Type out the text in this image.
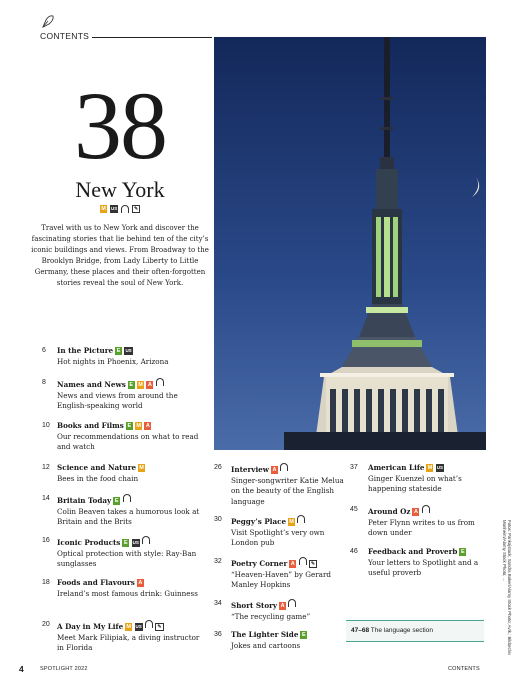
CONTENTS
38
New York
M US	✎
Travel with us to New York and discover the fascinating stories that lie behind ten of the city’s iconic buildings and views. From Broadway to the Brooklyn Bridge, from Lady Liberty to Little Germany, these places and their often-forgotten stories reveal the soul of New York.
6	In the Picture E US
Hot nights in Phoenix, Arizona
8	Names and News E M A
News and views from around the English-speaking world
10	Books and Films E M A
Our recommendations on what to read and watch
12	Science and Nature M
Bees in the food chain
14	Britain Today E
Colin Beaven takes a humorous look at Britain and the Brits
16	Iconic Products E US
Optical protection with style: Ray-Ban sunglasses
18	Foods and Flavours A
Ireland’s most famous drink: Guinness
20	A Day in My Life M US	✎
Meet Mark Filipiak, a diving instructor in Florida
26	Interview A
Singer-songwriter Katie Melua on the beauty of the English language
30	Peggy’s Place M
Visit Spotlight’s very own London pub
32	Poetry Corner A	✎
“Heaven-Haven” by Gerard Manley Hopkins
34	Short Story A
“The recycling game”
36	The Lighter Side E
Jokes and cartoons
37	American Life M US
Ginger Kuenzel on what’s happening stateside
45	Around Oz A
Peter Flynn writes to us from down under
46	Feedback and Proverb E
Your letters to Spotlight and a useful proverb
47–68 The language section	Fotos: Pankajstock; Sandra Baker/Alamy Stock Photo; Avtk.; Bildarchiv Monheim/Alamy Stock Photo; ...
4	SPOTLIGHT 2022	CONTENTS
